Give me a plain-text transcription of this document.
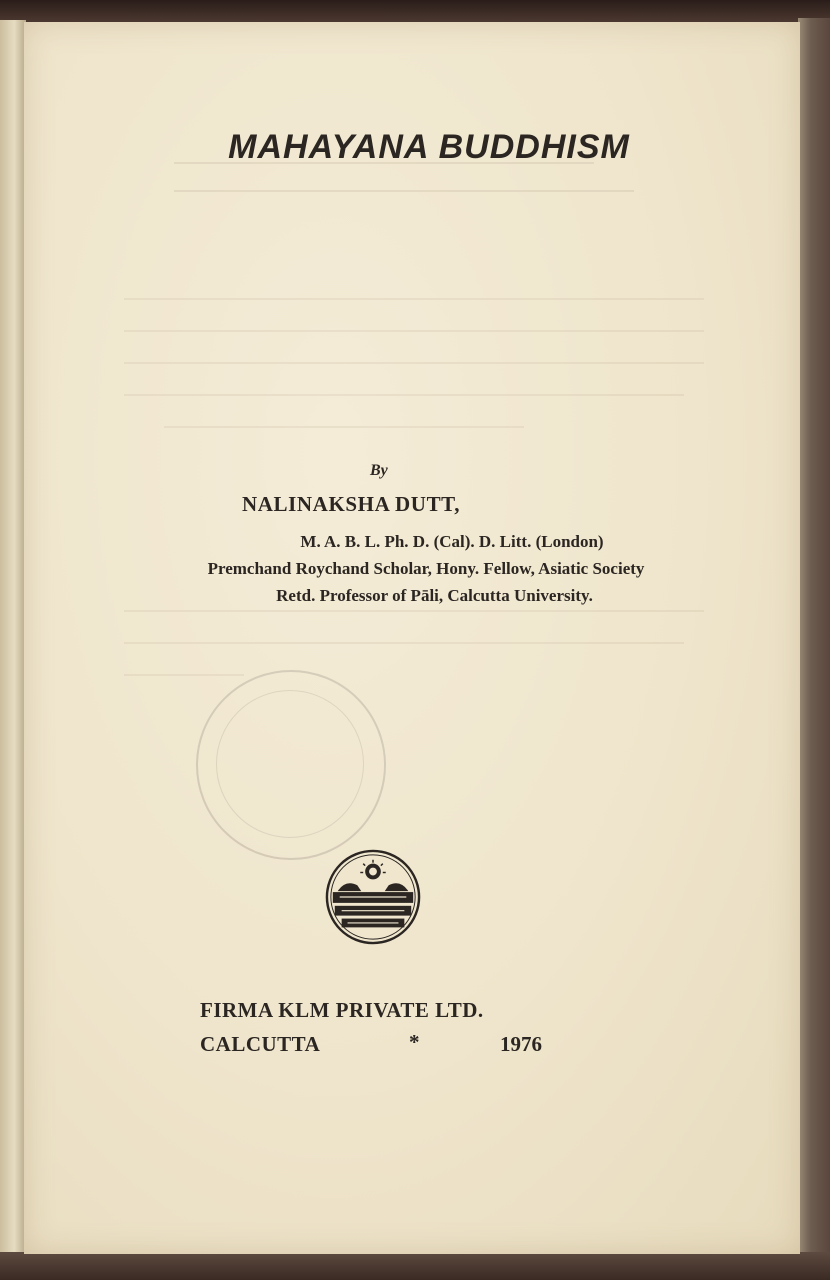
MAHAYANA BUDDHISM
By
NALINAKSHA DUTT,
M. A. B. L. Ph. D. (Cal). D. Litt. (London)
Premchand Roychand Scholar, Hony. Fellow, Asiatic Society
Retd. Professor of Pāli, Calcutta University.
FIRMA KLM PRIVATE LTD.
CALCUTTA	*	1976
